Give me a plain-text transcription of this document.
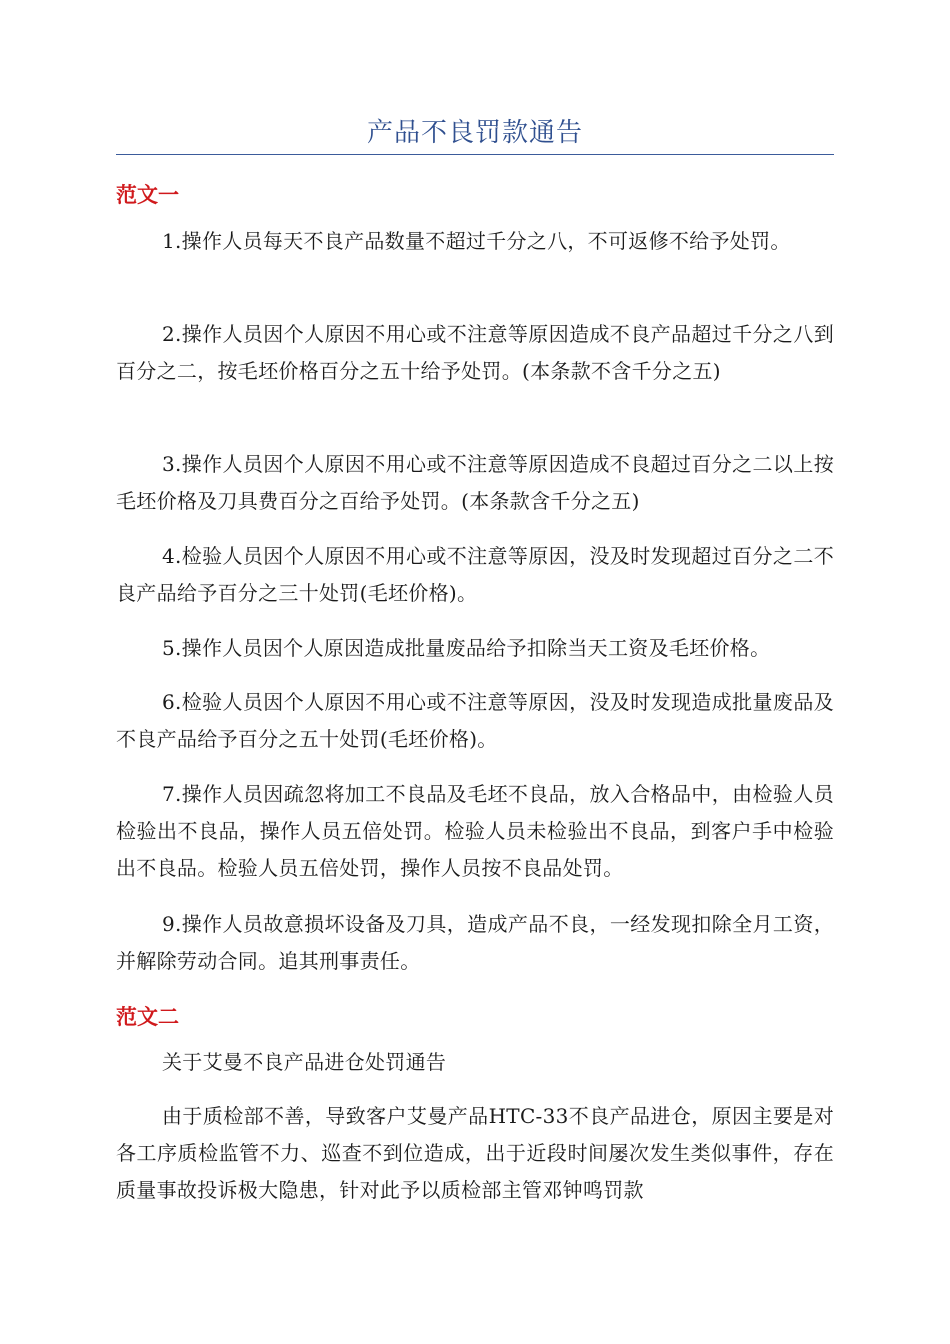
产品不良罚款通告
范文一
1.操作人员每天不良产品数量不超过千分之八，不可返修不给予处罚。
2.操作人员因个人原因不用心或不注意等原因造成不良产品超过千分之八到百分之二，按毛坯价格百分之五十给予处罚。(本条款不含千分之五)
3.操作人员因个人原因不用心或不注意等原因造成不良超过百分之二以上按毛坯价格及刀具费百分之百给予处罚。(本条款含千分之五)
4.检验人员因个人原因不用心或不注意等原因，没及时发现超过百分之二不良产品给予百分之三十处罚(毛坯价格)。
5.操作人员因个人原因造成批量废品给予扣除当天工资及毛坯价格。
6.检验人员因个人原因不用心或不注意等原因，没及时发现造成批量废品及不良产品给予百分之五十处罚(毛坯价格)。
7.操作人员因疏忽将加工不良品及毛坯不良品，放入合格品中，由检验人员检验出不良品，操作人员五倍处罚。检验人员未检验出不良品，到客户手中检验出不良品。检验人员五倍处罚，操作人员按不良品处罚。
9.操作人员故意损坏设备及刀具，造成产品不良，一经发现扣除全月工资，并解除劳动合同。追其刑事责任。
范文二
关于艾曼不良产品进仓处罚通告
由于质检部不善，导致客户艾曼产品HTC-33不良产品进仓，原因主要是对各工序质检监管不力、巡查不到位造成，出于近段时间屡次发生类似事件，存在质量事故投诉极大隐患，针对此予以质检部主管邓钟鸣罚款
